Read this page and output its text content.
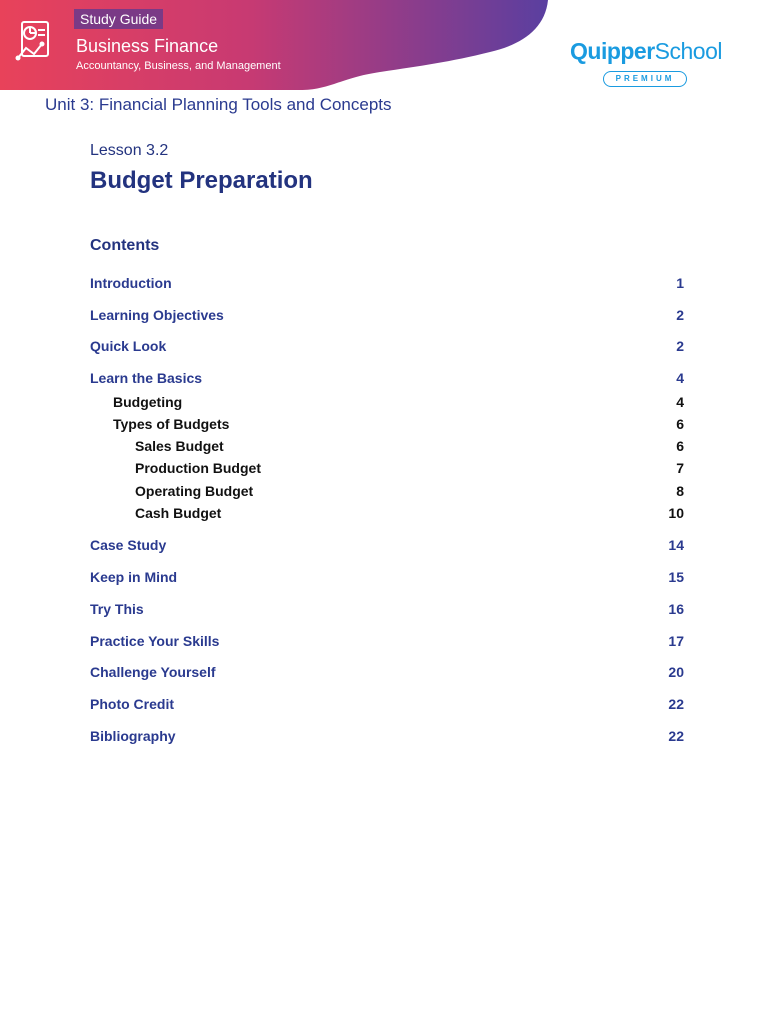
Study Guide
Business Finance
Accountancy, Business, and Management
QuipperSchool
PREMIUM
Unit 3: Financial Planning Tools and Concepts
Lesson 3.2
Budget Preparation
Contents
Introduction	1
Learning Objectives	2
Quick Look	2
Learn the Basics	4
Budgeting	4
Types of Budgets	6
Sales Budget	6
Production Budget	7
Operating Budget	8
Cash Budget	10
Case Study	14
Keep in Mind	15
Try This	16
Practice Your Skills	17
Challenge Yourself	20
Photo Credit	22
Bibliography	22
